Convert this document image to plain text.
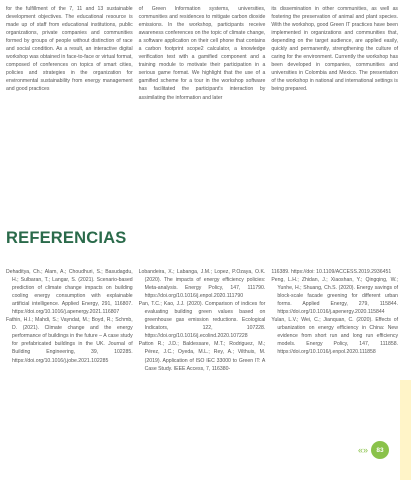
for the fulfillment of the 7, 11 and 13 sustainable development objectives. The educational resource is made up of staff from educational institutions, public organizations, private companies and communities formed by groups of people without distinction of race and social condition. As a result, an interactive digital workshop was obtained in face-to-face or virtual format, composed of conferences on topics of smart cities, policies and strategies in the organization for environmental sustainability from energy management and good practices

of Green Information systems, universities, communities and residences to mitigate carbon dioxide emissions. In the workshop, participants receive awareness conferences on the topic of climate change, a software application on their cell phone that contains a carbon footprint scope2 calculator, a knowledge verification test with a gamified component and a training module to motivate their participation in a serious game format. We highlight that the use of a gamified scheme for a tour in the workshop software has facilitated the participant's interaction by assimilating the information and later

its dissemination in other communities, as well as fostering the preservation of animal and plant species. With the workshop, good Green IT practices have been implemented in organizations and communities that, depending on the target audience, are applied easily, quickly and permanently, strengthening the culture of caring for the environment. Currently the workshop has been developed in companies, communities and universities in Colombia and Mexico. The presentation of the workshop in national and international settings is being prepared.

REFERENCIAS

Dehaditya, Ch.; Alam, A.; Choudhuri, S.; Basudagdu, H.; Sulbaran, T.; Langar, S. (2021). Scenario-based prediction of climate change impacts on building cooling energy consumption with explainable artificial intelligence. Applied Energy, 291, 116807. https://doi.org/10.1016/j.apenergy.2021.116807

Fathin, H.I.; Mahdi, S.; Vayndat, M.; Boyd, R.; Schmb, D. (2021). Climate change and the energy performance of buildings in the future – A case study for prefabricated buildings in the UK. Journal of Building Engineering, 39, 102285. https://doi.org/10.1016/j.jobe.2021.102285

Lobandeira, X.; Labanga, J.M.; Lopez, P.Ozaya, O.K. (2020). The impacts of energy efficiency policies: Meta-analysis. Energy Policy, 147, 111790. https://doi.org/10.1016/j.enpol.2020.111790

Pan, T.C.; Kao, J.J. (2020). Comparison of indices for evaluating building green values based on greenhouse gas emission reductions. Ecological Indicators, 122, 107228. https://doi.org/10.1016/j.ecolind.2020.107228

Patton R.; J.D.; Baldessare, M.T.; Rodriguez, M.; Pérez, J.C.; Oyeda, M.L.; Rey, A.; Vilthuis, M. (2019). Application of ISO IEC 33000 to Green IT: A Case Study. IEEE Access, 7, 116380-

116389. https://doi: 10.1109/ACCESS.2019.2936451

Peng, L.H.; Zhidan, J.; Xiaoshan, Y.; Qingqing, W.; Yunhe, H.; Shuang, Ch.S. (2020). Energy savings of block-scale facade greening for different urban forms. Applied Energy, 279, 115844. https://doi.org/10.1016/j.apenergy.2020.115844

Yulan, L.V.; Wei, C.; Jianquan, C. (2020). Effects of urbanization on energy efficiency in China: New evidence from short run and long run efficiency models. Energy Policy, 147, 111858. https://doi.org/10.1016/j.enpol.2020.111858

«»	83
